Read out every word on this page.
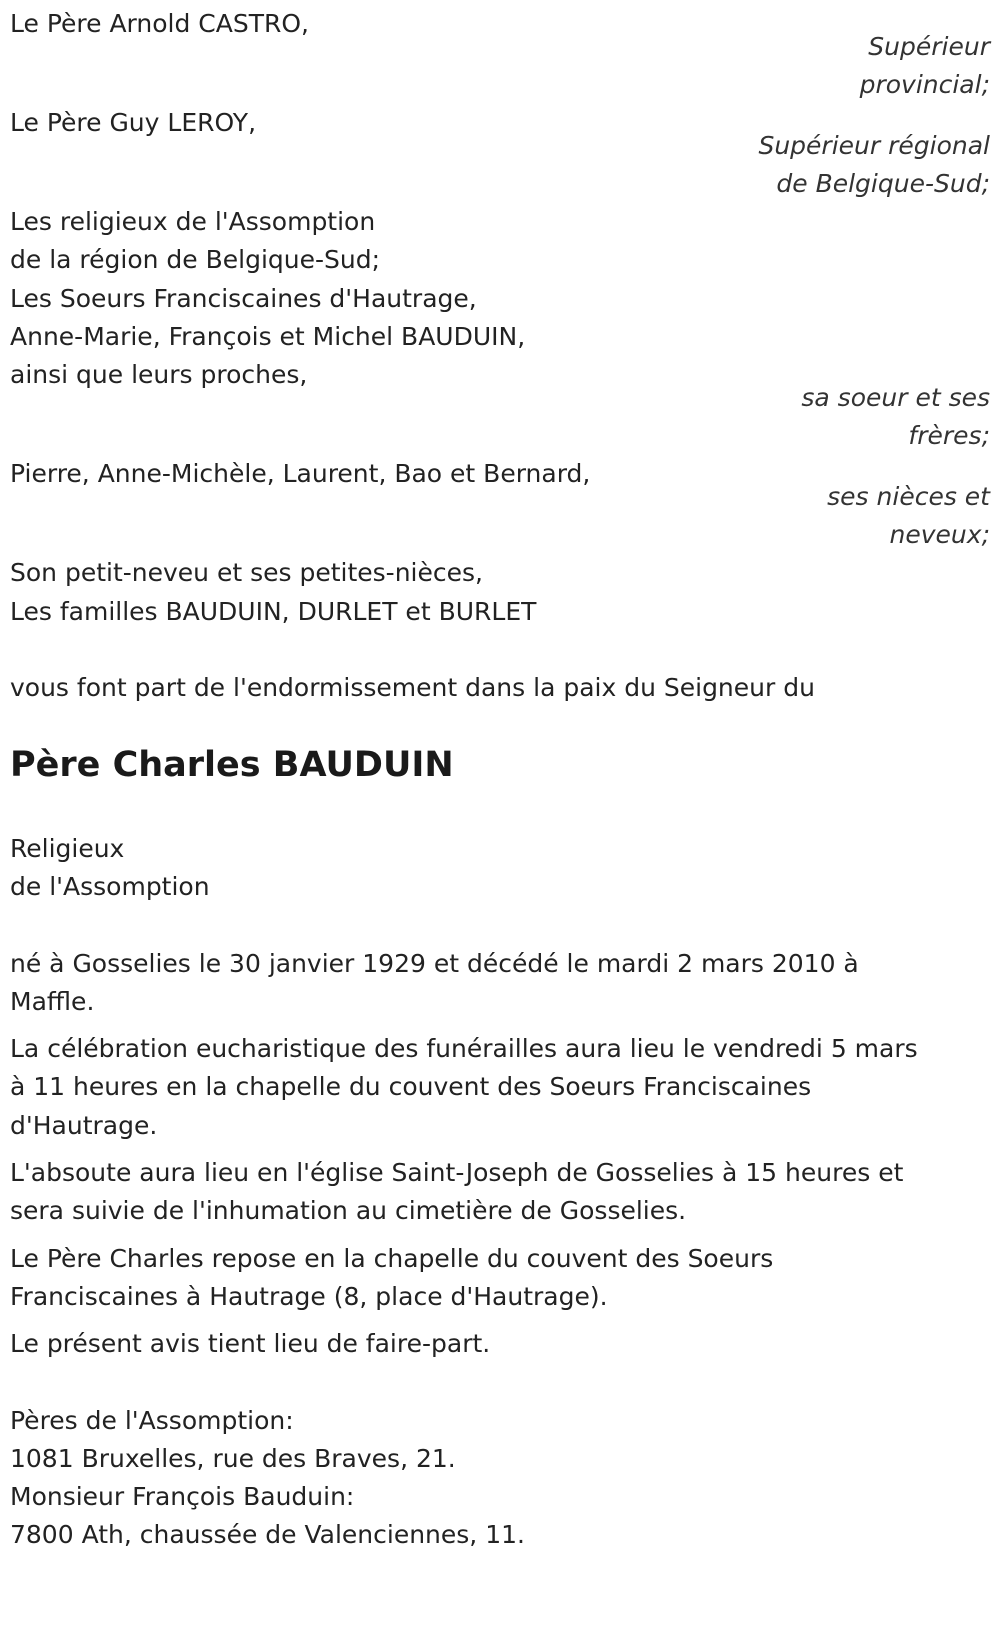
Le Père Arnold CASTRO,
Supérieur
provincial;
Le Père Guy LEROY,
Supérieur régional
de Belgique-Sud;
Les religieux de l'Assomption
de la région de Belgique-Sud;
Les Soeurs Franciscaines d'Hautrage,
Anne-Marie, François et Michel BAUDUIN,
ainsi que leurs proches,
sa soeur et ses
frères;
Pierre, Anne-Michèle, Laurent, Bao et Bernard,
ses nièces et
neveux;
Son petit-neveu et ses petites-nièces,
Les familles BAUDUIN, DURLET et BURLET
vous font part de l'endormissement dans la paix du Seigneur du
Père Charles BAUDUIN
Religieux
de l'Assomption
né à Gosselies le 30 janvier 1929 et décédé le mardi 2 mars 2010 à
Maffle.
La célébration eucharistique des funérailles aura lieu le vendredi 5 mars
à 11 heures en la chapelle du couvent des Soeurs Franciscaines
d'Hautrage.
L'absoute aura lieu en l'église Saint-Joseph de Gosselies à 15 heures et
sera suivie de l'inhumation au cimetière de Gosselies.
Le Père Charles repose en la chapelle du couvent des Soeurs
Franciscaines à Hautrage (8, place d'Hautrage).
Le présent avis tient lieu de faire-part.
Pères de l'Assomption:
1081 Bruxelles, rue des Braves, 21.
Monsieur François Bauduin:
7800 Ath, chaussée de Valenciennes, 11.
